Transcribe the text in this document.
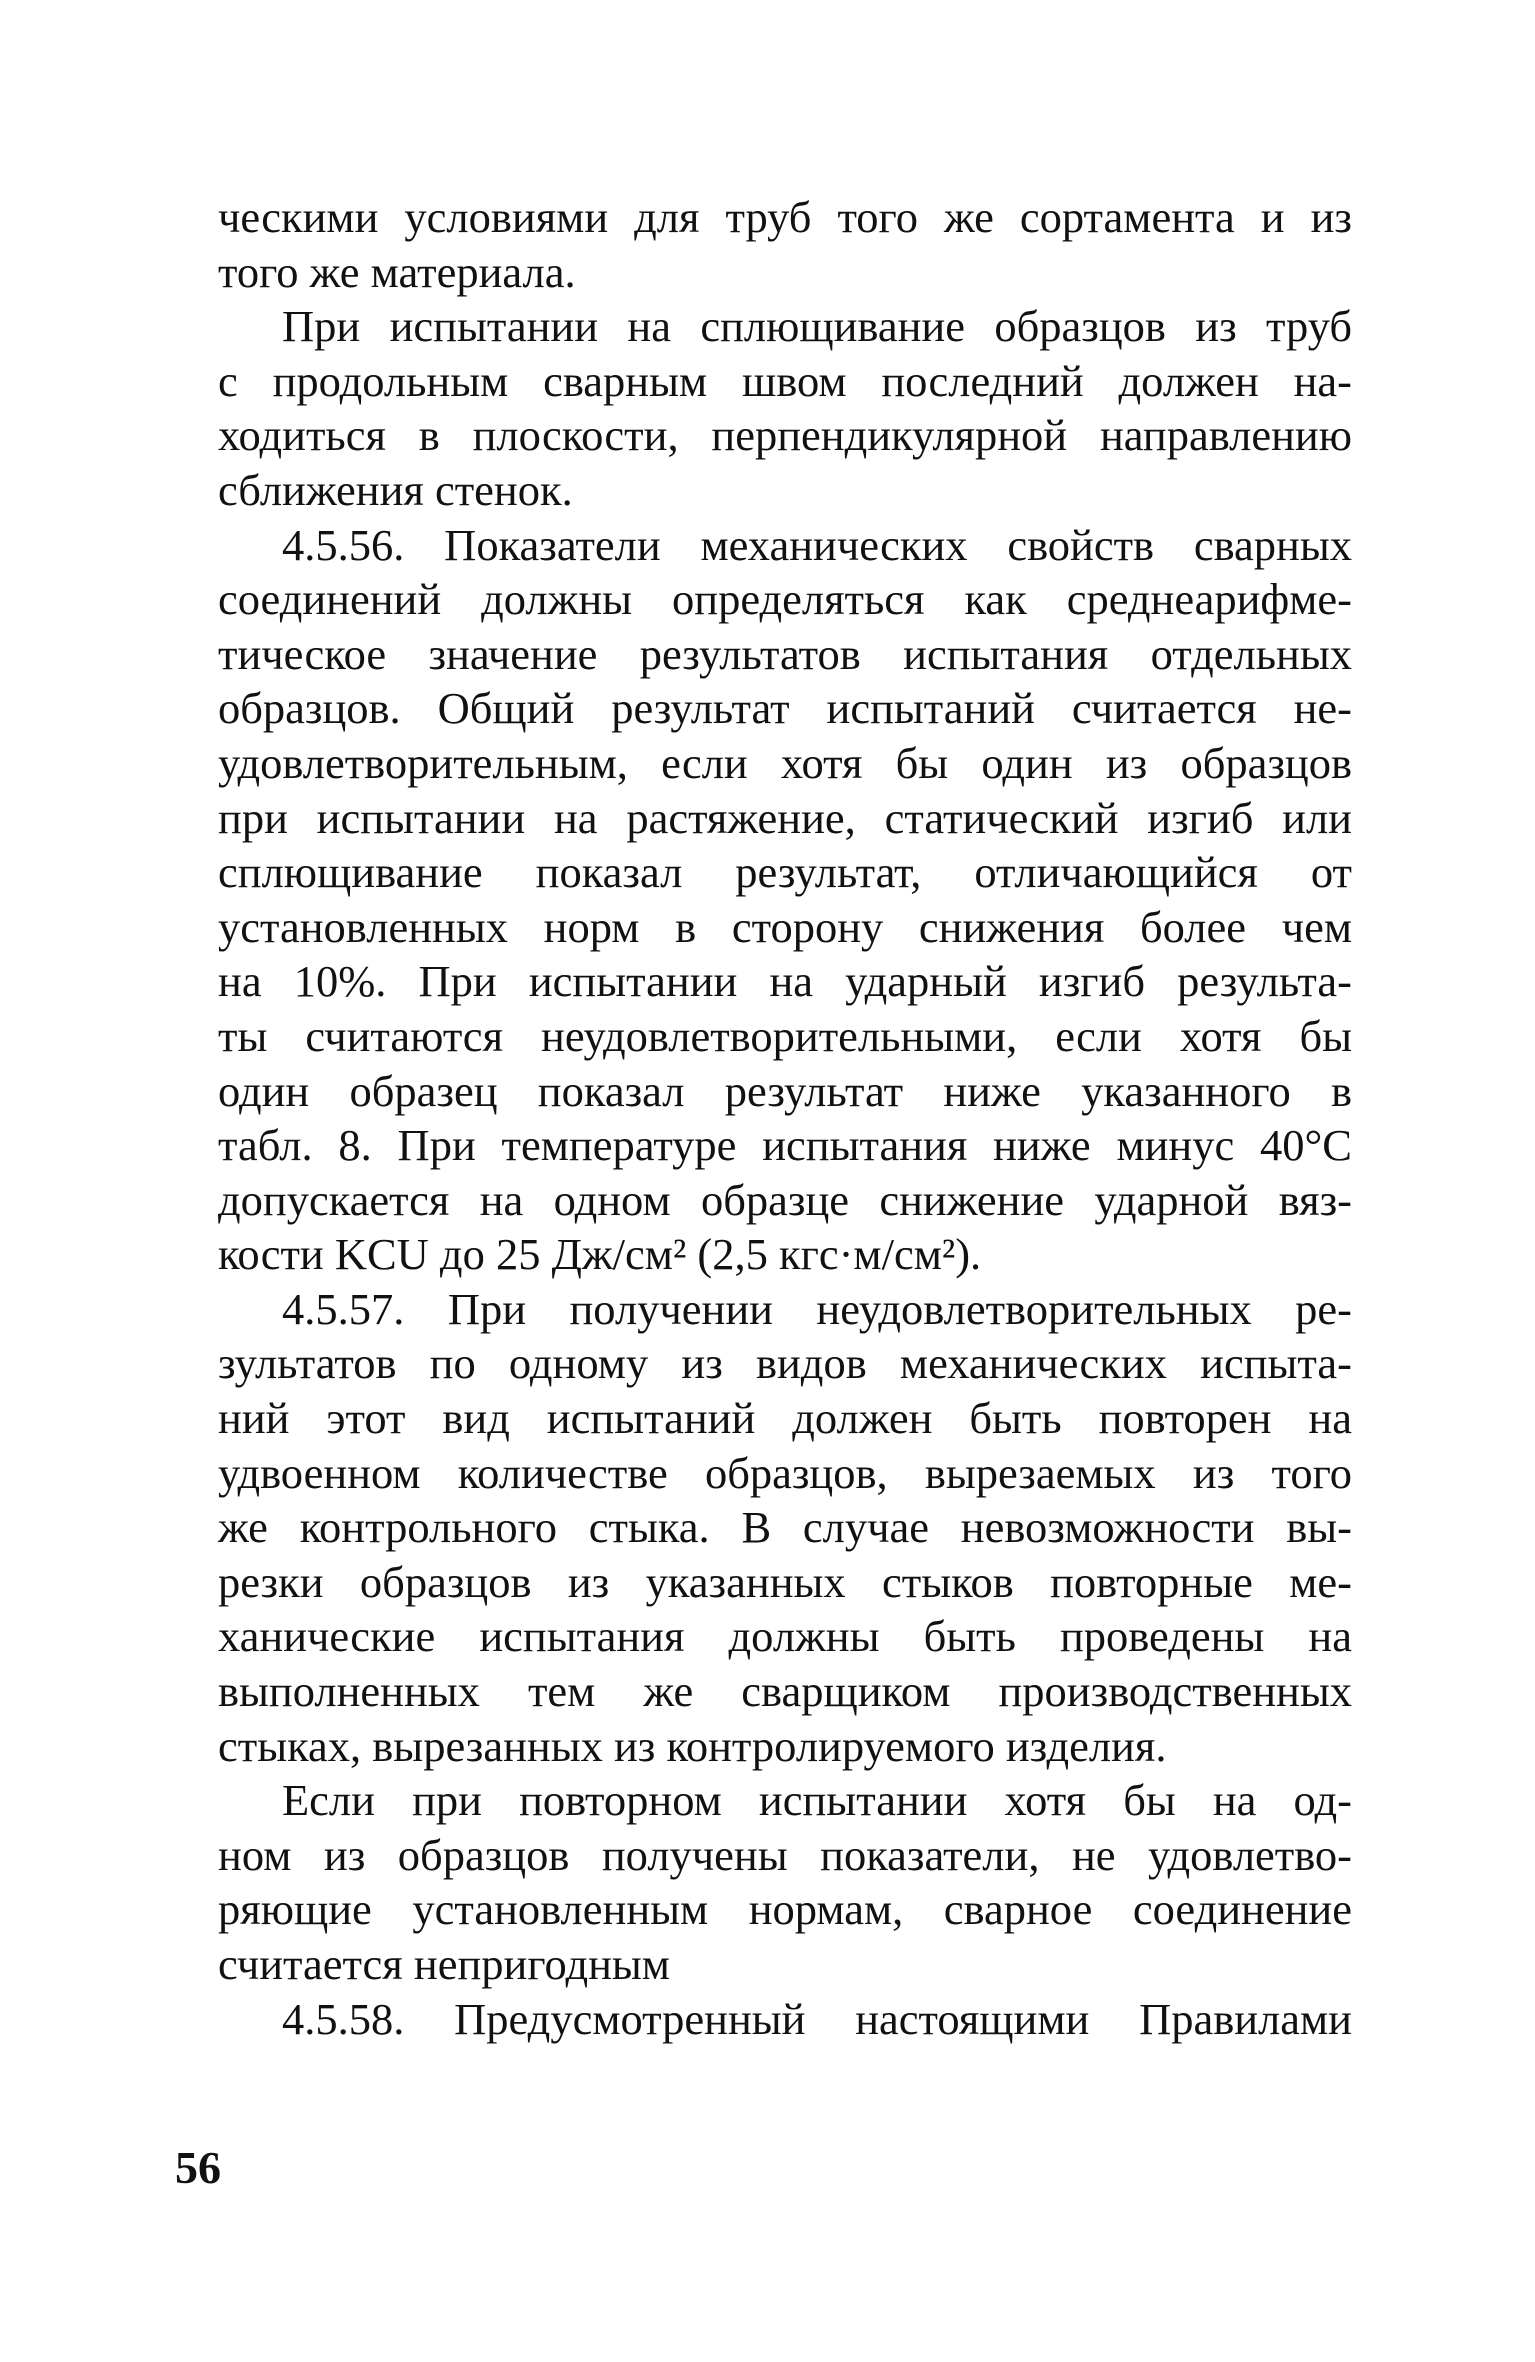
ческими условиями для труб того же сортамента и из
того же материала.
При испытании на сплющивание образцов из труб
с продольным сварным швом последний должен на-
ходиться в плоскости, перпендикулярной направлению
сближения стенок.
4.5.56. Показатели механических свойств сварных
соединений должны определяться как среднеарифме-
тическое значение результатов испытания отдельных
образцов. Общий результат испытаний считается не-
удовлетворительным, если хотя бы один из образцов
при испытании на растяжение, статический изгиб или
сплющивание показал результат, отличающийся от
установленных норм в сторону снижения более чем
на 10%. При испытании на ударный изгиб результа-
ты считаются неудовлетворительными, если хотя бы
один образец показал результат ниже указанного в
табл. 8. При температуре испытания ниже минус 40°С
допускается на одном образце снижение ударной вяз-
кости KCU до 25 Дж/см² (2,5 кгс·м/см²).
4.5.57. При получении неудовлетворительных ре-
зультатов по одному из видов механических испыта-
ний этот вид испытаний должен быть повторен на
удвоенном количестве образцов, вырезаемых из того
же контрольного стыка. В случае невозможности вы-
резки образцов из указанных стыков повторные ме-
ханические испытания должны быть проведены на
выполненных тем же сварщиком производственных
стыках, вырезанных из контролируемого изделия.
Если при повторном испытании хотя бы на од-
ном из образцов получены показатели, не удовлетво-
ряющие установленным нормам, сварное соединение
считается непригодным
4.5.58. Предусмотренный настоящими Правилами
56
